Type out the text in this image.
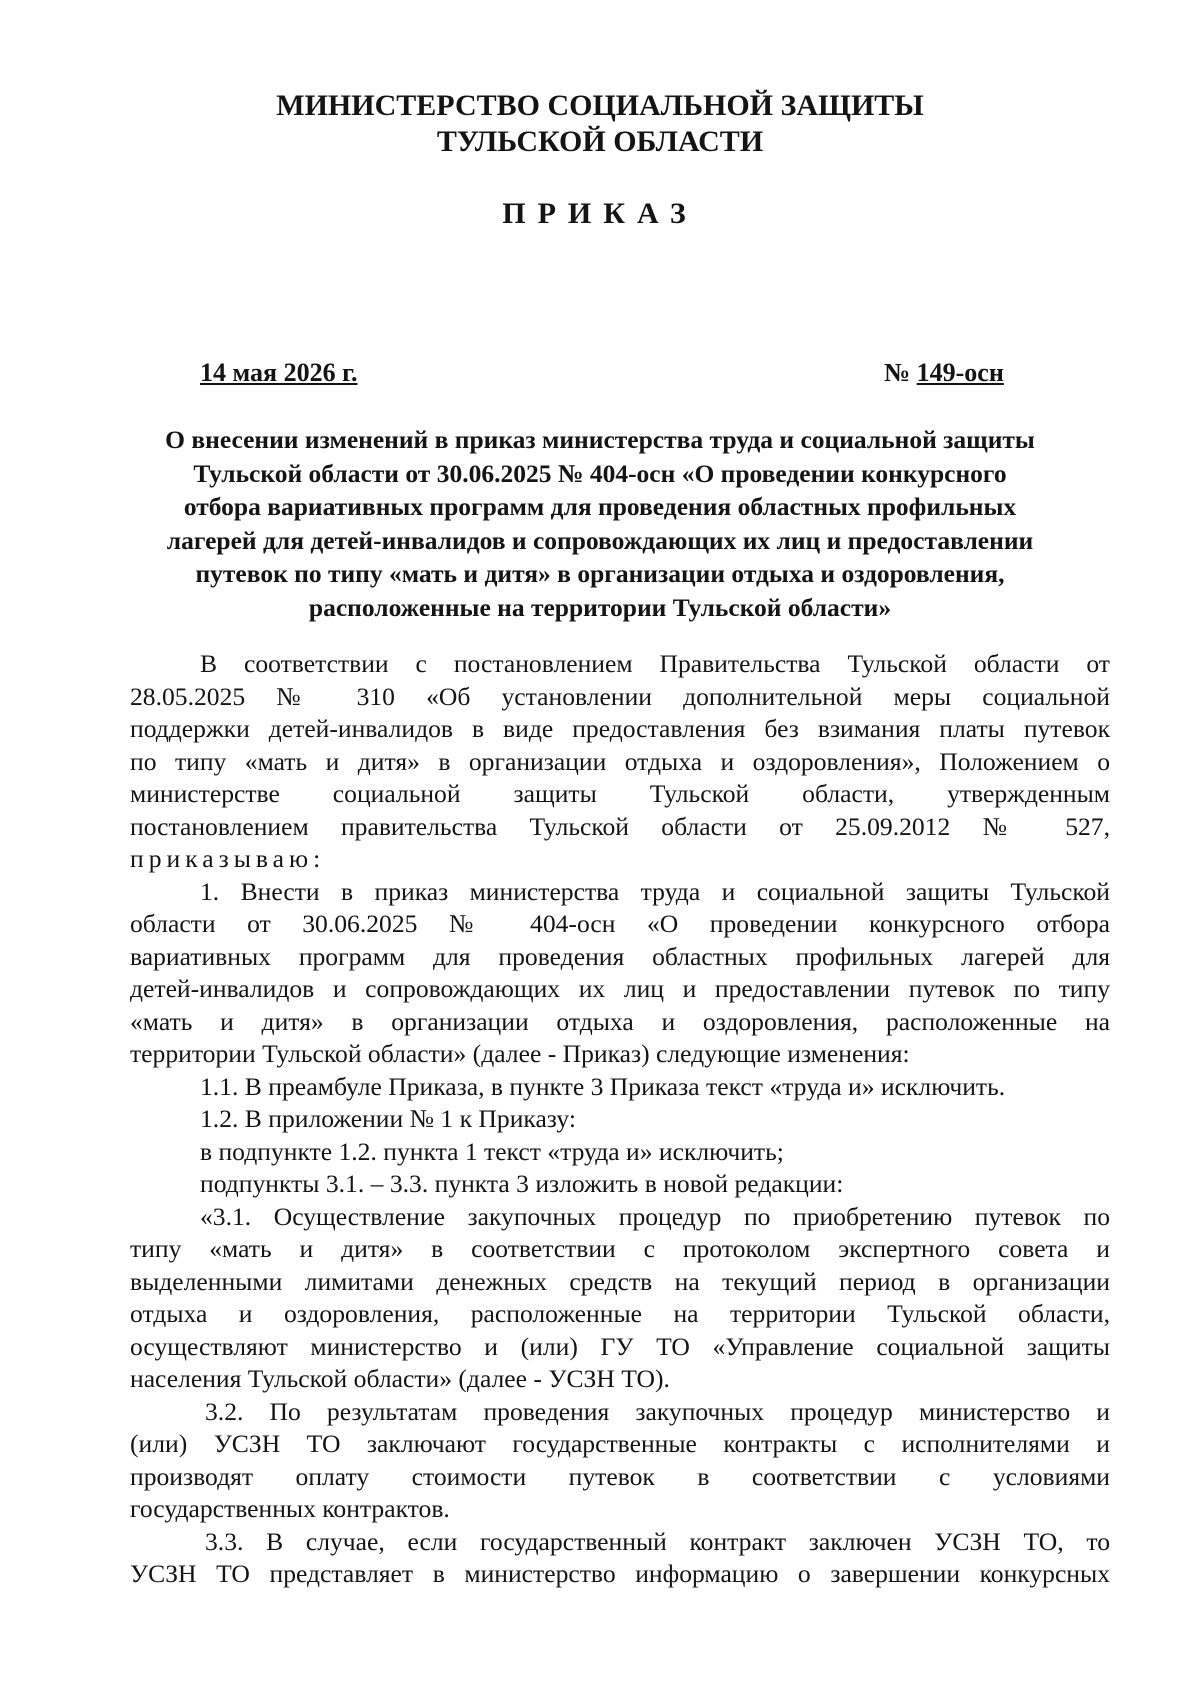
МИНИСТЕРСТВО СОЦИАЛЬНОЙ ЗАЩИТЫ
ТУЛЬСКОЙ ОБЛАСТИ
ПРИКАЗ
14 мая 2026 г.	№ 149-осн
О внесении изменений в приказ министерства труда и социальной защиты
Тульской области от 30.06.2025 № 404-осн «О проведении конкурсного
отбора вариативных программ для проведения областных профильных
лагерей для детей-инвалидов и сопровождающих их лиц и предоставлении
путевок по типу «мать и дитя» в организации отдыха и оздоровления,
расположенные на территории Тульской области»
В соответствии с постановлением Правительства Тульской области от
28.05.2025 № 310 «Об установлении дополнительной меры социальной
поддержки детей-инвалидов в виде предоставления без взимания платы путевок
по типу «мать и дитя» в организации отдыха и оздоровления», Положением о
министерстве социальной защиты Тульской области, утвержденным
постановлением правительства Тульской области от 25.09.2012 № 527,
приказываю:
1. Внести в приказ министерства труда и социальной защиты Тульской
области от 30.06.2025 № 404-осн «О проведении конкурсного отбора
вариативных программ для проведения областных профильных лагерей для
детей-инвалидов и сопровождающих их лиц и предоставлении путевок по типу
«мать и дитя» в организации отдыха и оздоровления, расположенные на
территории Тульской области» (далее - Приказ) следующие изменения:
1.1. В преамбуле Приказа, в пункте 3 Приказа текст «труда и» исключить.
1.2. В приложении № 1 к Приказу:
в подпункте 1.2. пункта 1 текст «труда и» исключить;
подпункты 3.1. – 3.3. пункта 3 изложить в новой редакции:
«3.1. Осуществление закупочных процедур по приобретению путевок по
типу «мать и дитя» в соответствии с протоколом экспертного совета и
выделенными лимитами денежных средств на текущий период в организации
отдыха и оздоровления, расположенные на территории Тульской области,
осуществляют министерство и (или) ГУ ТО «Управление социальной защиты
населения Тульской области» (далее - УСЗН ТО).
3.2. По результатам проведения закупочных процедур министерство и
(или) УСЗН ТО заключают государственные контракты с исполнителями и
производят оплату стоимости путевок в соответствии с условиями
государственных контрактов.
3.3. В случае, если государственный контракт заключен УСЗН ТО, то
УСЗН ТО представляет в министерство информацию о завершении конкурсных
